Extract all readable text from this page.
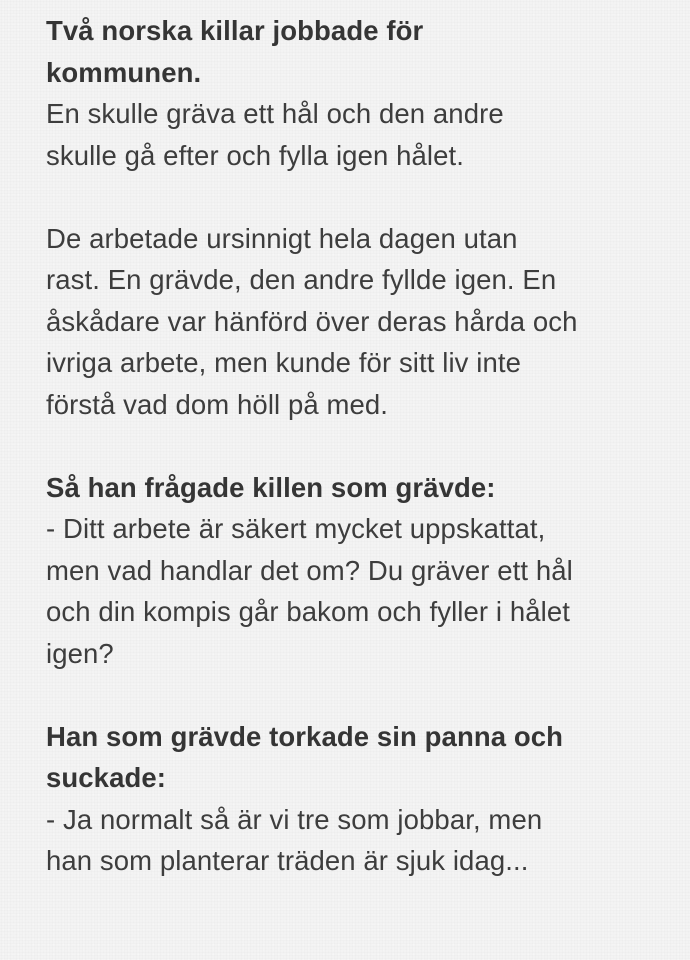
Två norska killar jobbade för kommunen.

En skulle gräva ett hål och den andre
skulle gå efter och fylla igen hålet.

De arbetade ursinnigt hela dagen utan
rast. En grävde, den andre fyllde igen. En
åskådare var hänförd över deras hårda och
ivriga arbete, men kunde för sitt liv inte
förstå vad dom höll på med.

Så han frågade killen som grävde:

- Ditt arbete är säkert mycket uppskattat,
men vad handlar det om? Du gräver ett hål
och din kompis går bakom och fyller i hålet
igen?

Han som grävde torkade sin panna och
suckade:

- Ja normalt så är vi tre som jobbar, men
han som planterar träden är sjuk idag...
